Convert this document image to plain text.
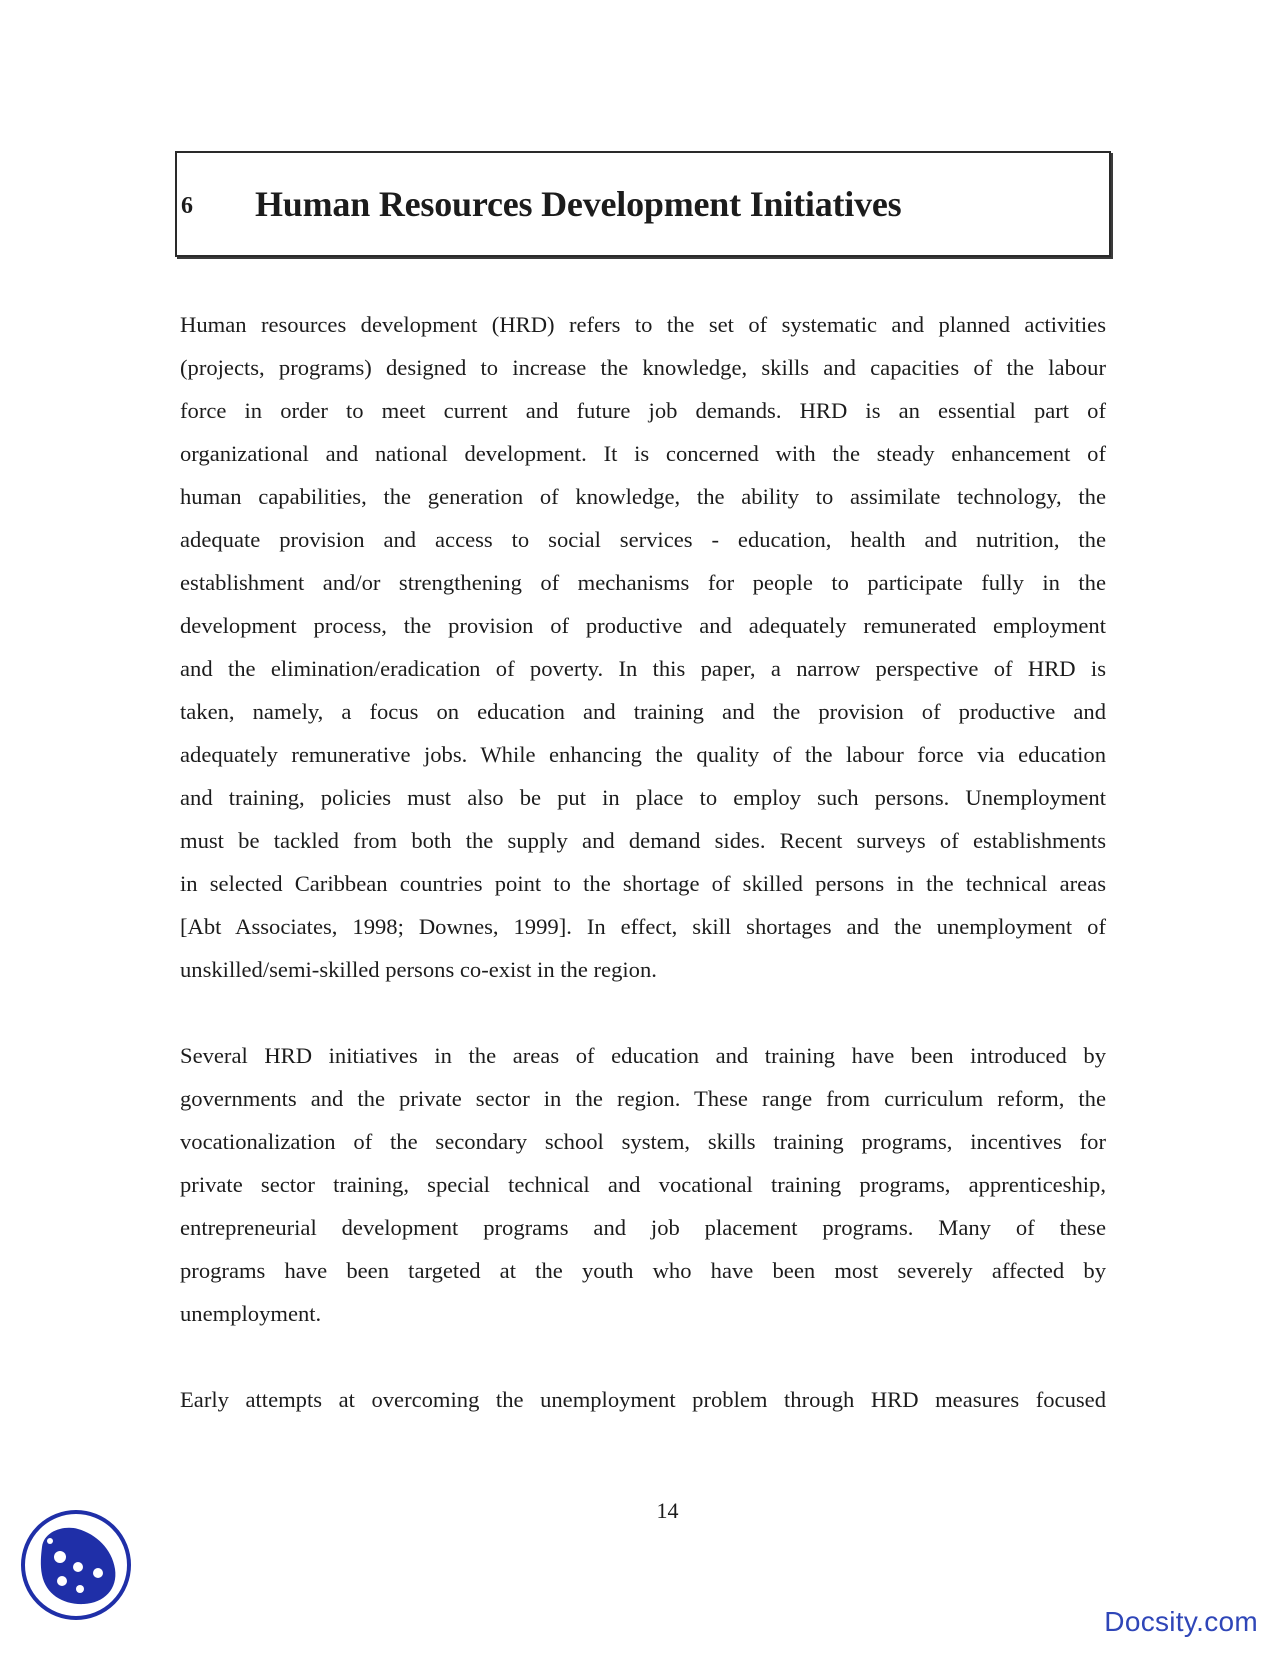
6 Human Resources Development Initiatives
Human resources development (HRD) refers to the set of systematic and planned activities
(projects, programs) designed to increase the knowledge, skills and capacities of the labour
force in order to meet current and future job demands. HRD is an essential part of
organizational and national development. It is concerned with the steady enhancement of
human capabilities, the generation of knowledge, the ability to assimilate technology, the
adequate provision and access to social services - education, health and nutrition, the
establishment and/or strengthening of mechanisms for people to participate fully in the
development process, the provision of productive and adequately remunerated employment
and the elimination/eradication of poverty. In this paper, a narrow perspective of HRD is
taken, namely, a focus on education and training and the provision of productive and
adequately remunerative jobs. While enhancing the quality of the labour force via education
and training, policies must also be put in place to employ such persons. Unemployment
must be tackled from both the supply and demand sides. Recent surveys of establishments
in selected Caribbean countries point to the shortage of skilled persons in the technical areas
[Abt Associates, 1998; Downes, 1999]. In effect, skill shortages and the unemployment of
unskilled/semi-skilled persons co-exist in the region.
Several HRD initiatives in the areas of education and training have been introduced by
governments and the private sector in the region. These range from curriculum reform, the
vocationalization of the secondary school system, skills training programs, incentives for
private sector training, special technical and vocational training programs, apprenticeship,
entrepreneurial development programs and job placement programs. Many of these
programs have been targeted at the youth who have been most severely affected by
unemployment.
Early attempts at overcoming the unemployment problem through HRD measures focused
14
Docsity.com
